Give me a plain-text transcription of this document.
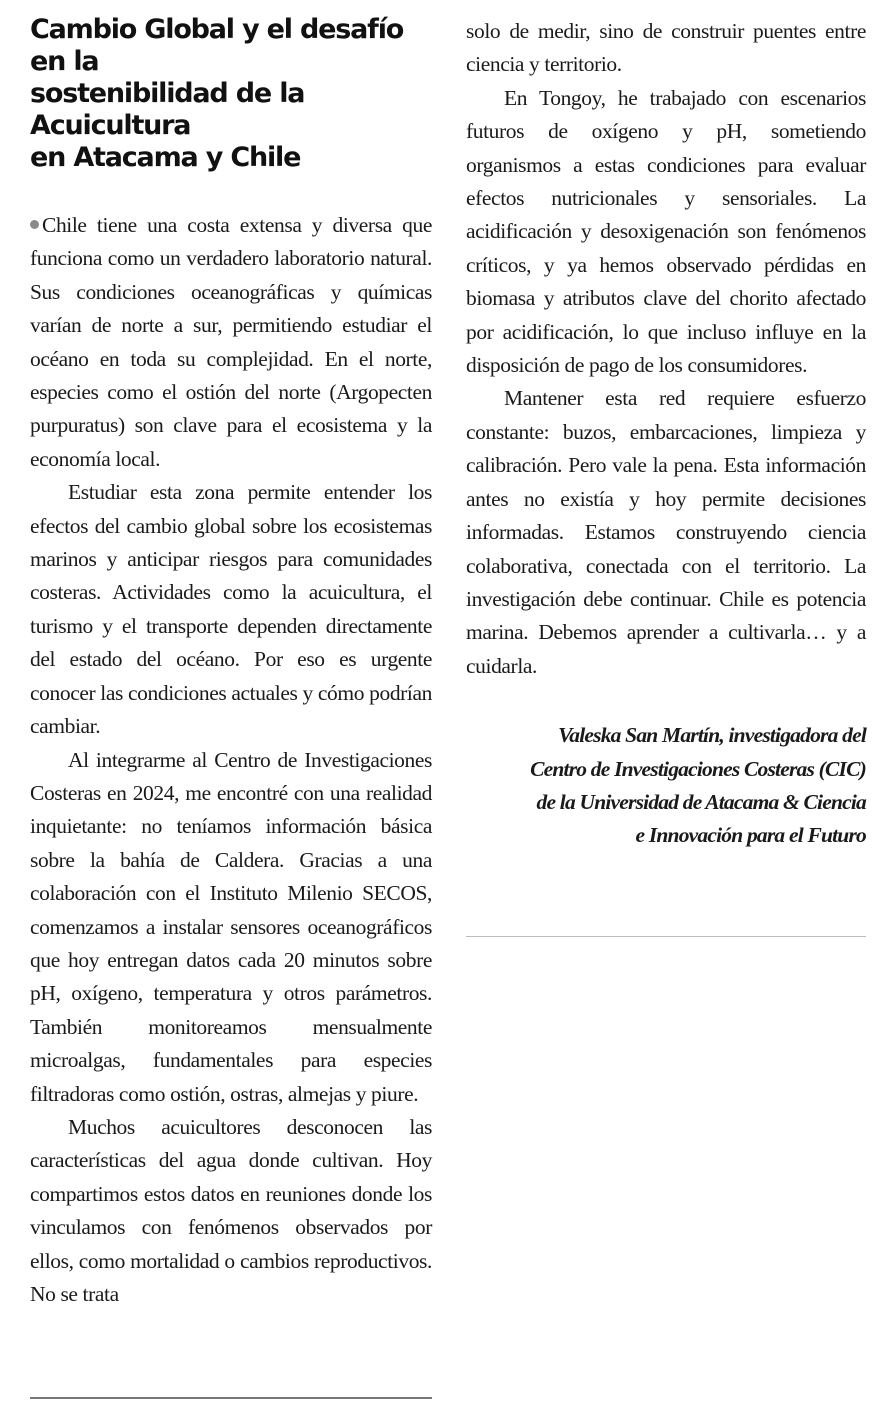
Cambio Global y el desafío en la
sostenibilidad de la Acuicultura
en Atacama y Chile

Chile tiene una costa extensa y diversa que funciona como un verdadero laboratorio natural. Sus condiciones oceanográficas y químicas varían de norte a sur, permitiendo estudiar el océano en toda su complejidad. En el norte, especies como el ostión del norte (Argopecten purpuratus) son clave para el ecosistema y la economía local.

Estudiar esta zona permite entender los efectos del cambio global sobre los ecosistemas marinos y anticipar riesgos para comunidades costeras. Actividades como la acuicultura, el turismo y el transporte dependen directamente del estado del océano. Por eso es urgente conocer las condiciones actuales y cómo podrían cambiar.

Al integrarme al Centro de Investigaciones Costeras en 2024, me encontré con una realidad inquietante: no teníamos información básica sobre la bahía de Caldera. Gracias a una colaboración con el Instituto Milenio SECOS, comenzamos a instalar sensores oceanográficos que hoy entregan datos cada 20 minutos sobre pH, oxígeno, temperatura y otros parámetros. También monitoreamos mensualmente microalgas, fundamentales para especies filtradoras como ostión, ostras, almejas y piure.

Muchos acuicultores desconocen las características del agua donde cultivan. Hoy compartimos estos datos en reuniones donde los vinculamos con fenómenos observados por ellos, como mortalidad o cambios reproductivos. No se trata

solo de medir, sino de construir puentes entre ciencia y territorio.

En Tongoy, he trabajado con escenarios futuros de oxígeno y pH, sometiendo organismos a estas condiciones para evaluar efectos nutricionales y sensoriales. La acidificación y desoxigenación son fenómenos críticos, y ya hemos observado pérdidas en biomasa y atributos clave del chorito afectado por acidificación, lo que incluso influye en la disposición de pago de los consumidores.

Mantener esta red requiere esfuerzo constante: buzos, embarcaciones, limpieza y calibración. Pero vale la pena. Esta información antes no existía y hoy permite decisiones informadas. Estamos construyendo ciencia colaborativa, conectada con el territorio. La investigación debe continuar. Chile es potencia marina. Debemos aprender a cultivarla… y a cuidarla.

Valeska San Martín, investigadora del
Centro de Investigaciones Costeras (CIC)
de la Universidad de Atacama & Ciencia
e Innovación para el Futuro
